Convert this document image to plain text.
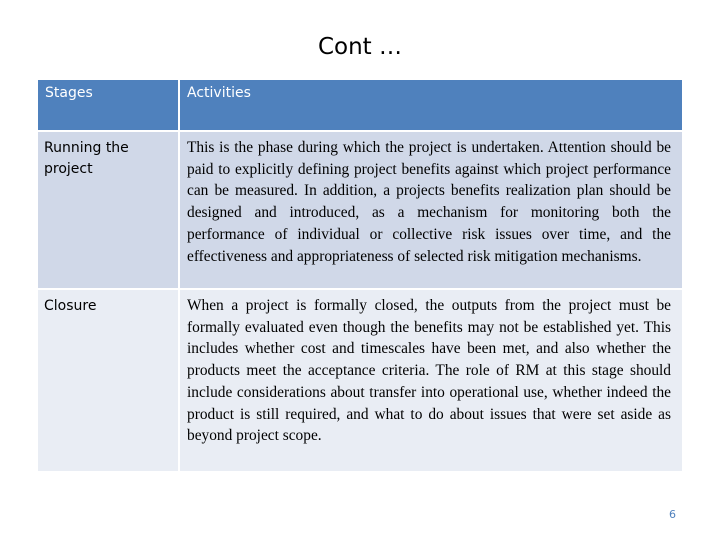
Cont …
Stages	Activities

Running the project	This is the phase during which the project is undertaken. Attention should be paid to explicitly defining project benefits against which project performance can be measured. In addition, a projects benefits realization plan should be designed and introduced, as a mechanism for monitoring both the performance of individual or collective risk issues over time, and the effectiveness and appropriateness of selected risk mitigation mechanisms.

Closure	When a project is formally closed, the outputs from the project must be formally evaluated even though the benefits may not be established yet. This includes whether cost and timescales have been met, and also whether the products meet the acceptance criteria. The role of RM at this stage should include considerations about transfer into operational use, whether indeed the product is still required, and what to do about issues that were set aside as beyond project scope.
6
